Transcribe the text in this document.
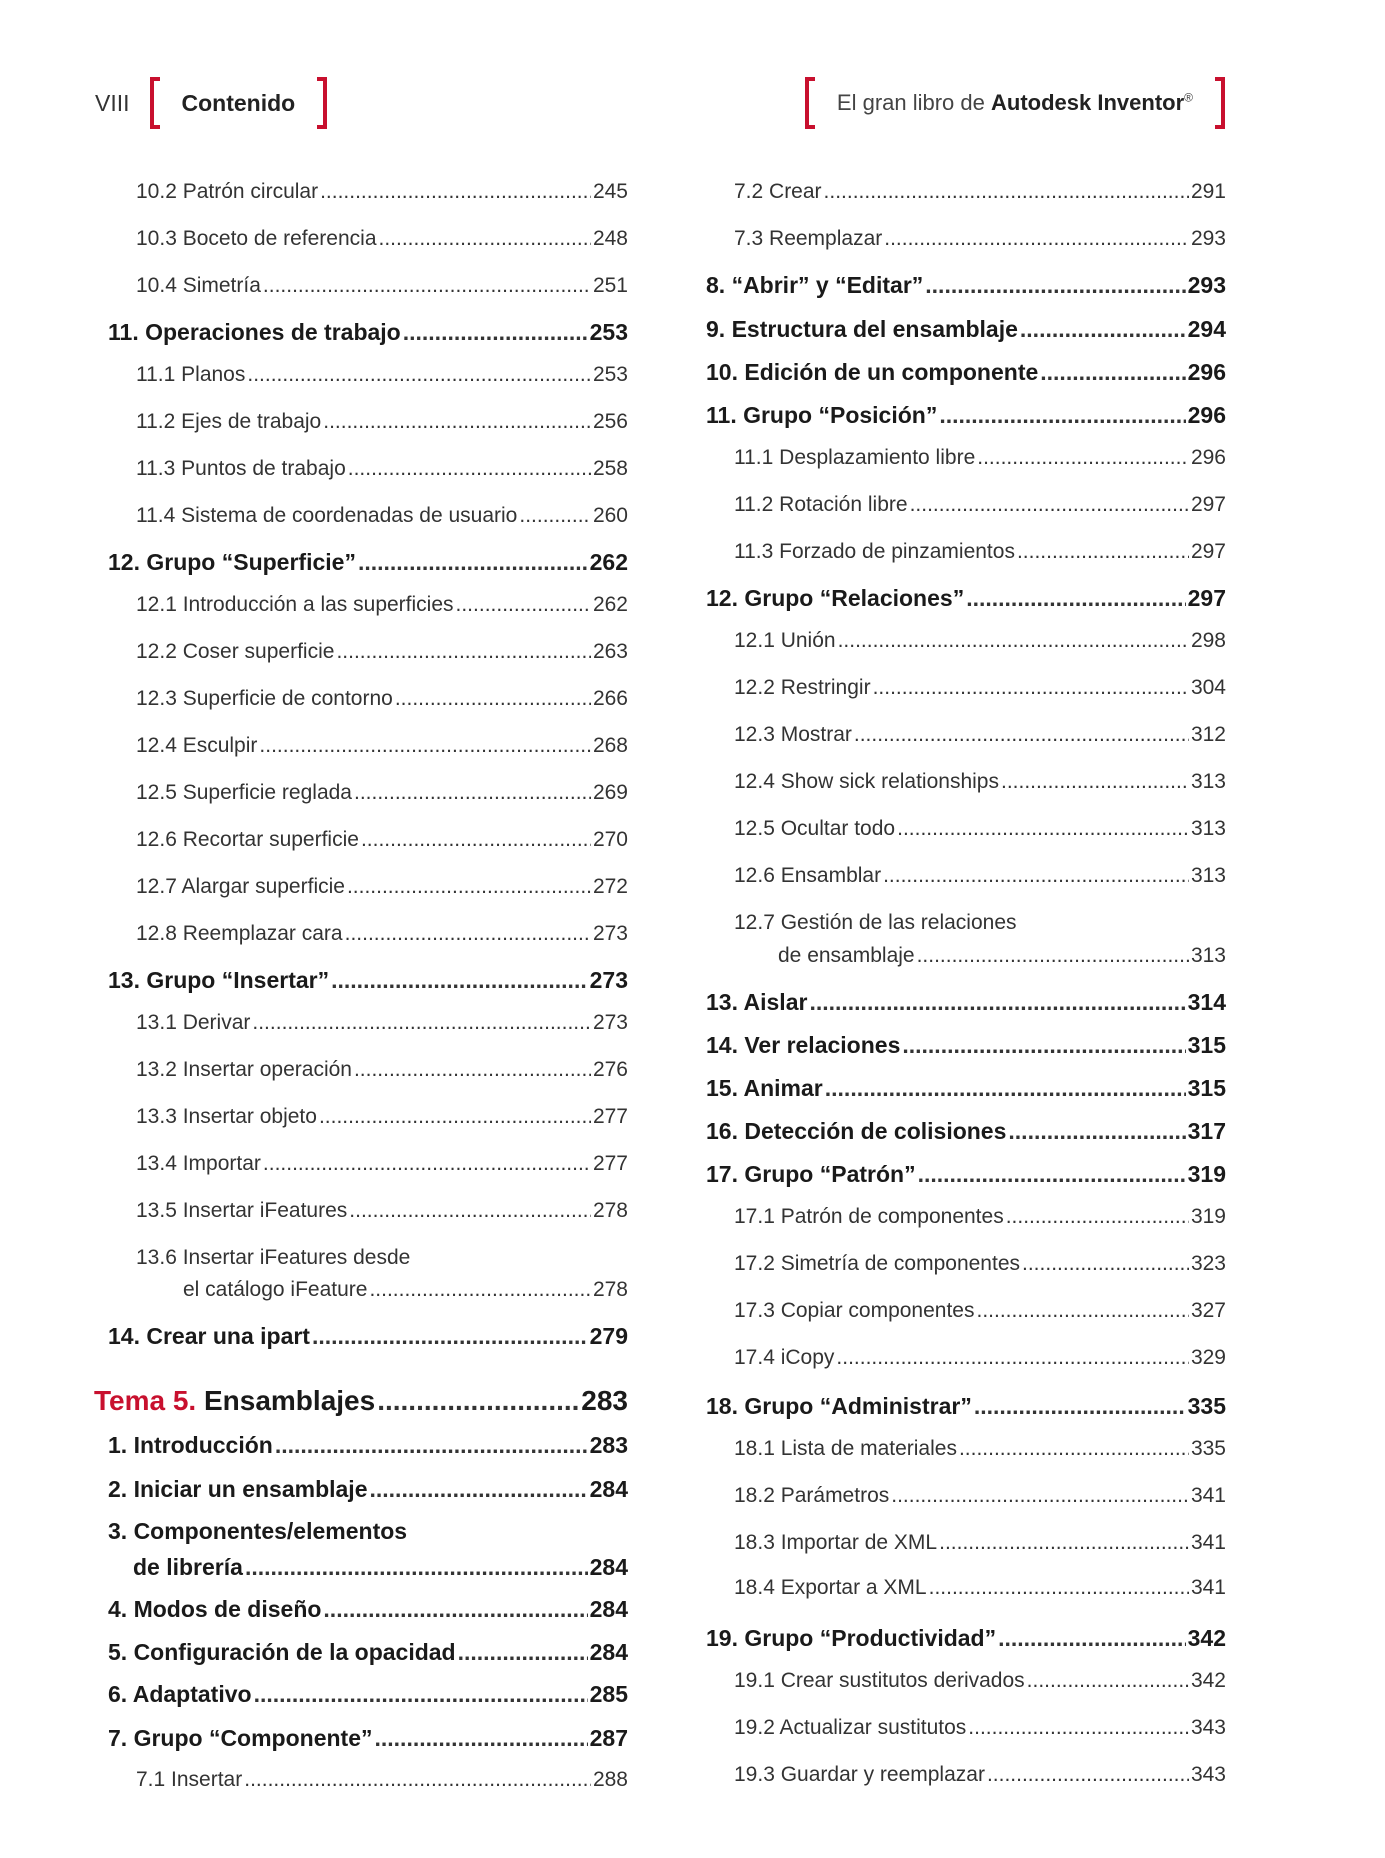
VIII Contenido	El gran libro de Autodesk Inventor®
10.2 Patrón circular .....	245
10.3 Boceto de referencia .....	248
10.4 Simetría .....	251
11. Operaciones de trabajo .....	253
11.1 Planos .....	253
11.2 Ejes de trabajo .....	256
11.3 Puntos de trabajo .....	258
11.4 Sistema de coordenadas de usuario .....	260
12. Grupo “Superficie” .....	262
12.1 Introducción a las superficies .....	262
12.2 Coser superficie .....	263
12.3 Superficie de contorno .....	266
12.4 Esculpir .....	268
12.5 Superficie reglada .....	269
12.6 Recortar superficie .....	270
12.7 Alargar superficie .....	272
12.8 Reemplazar cara .....	273
13. Grupo “Insertar” .....	273
13.1 Derivar .....	273
13.2 Insertar operación .....	276
13.3 Insertar objeto .....	277
13.4 Importar .....	277
13.5 Insertar iFeatures .....	278
13.6 Insertar iFeatures desde
el catálogo iFeature .....	278
14. Crear una ipart .....	279
Tema 5. Ensamblajes .....	283
1. Introducción .....	283
2. Iniciar un ensamblaje .....	284
3. Componentes/elementos
de librería .....	284
4. Modos de diseño .....	284
5. Configuración de la opacidad .....	284
6. Adaptativo .....	285
7. Grupo “Componente” .....	287
7.1 Insertar .....	288
7.2 Crear .....	291
7.3 Reemplazar .....	293
8. “Abrir” y “Editar” .....	293
9. Estructura del ensamblaje .....	294
10. Edición de un componente .....	296
11. Grupo “Posición” .....	296
11.1 Desplazamiento libre .....	296
11.2 Rotación libre .....	297
11.3 Forzado de pinzamientos .....	297
12. Grupo “Relaciones” .....	297
12.1 Unión .....	298
12.2 Restringir .....	304
12.3 Mostrar .....	312
12.4 Show sick relationships .....	313
12.5 Ocultar todo .....	313
12.6 Ensamblar .....	313
12.7 Gestión de las relaciones
de ensamblaje .....	313
13. Aislar .....	314
14. Ver relaciones .....	315
15. Animar .....	315
16. Detección de colisiones .....	317
17. Grupo “Patrón” .....	319
17.1 Patrón de componentes .....	319
17.2 Simetría de componentes .....	323
17.3 Copiar componentes .....	327
17.4 iCopy .....	329
18. Grupo “Administrar” .....	335
18.1 Lista de materiales .....	335
18.2 Parámetros .....	341
18.3 Importar de XML .....	341
18.4 Exportar a XML .....	341
19. Grupo “Productividad” .....	342
19.1 Crear sustitutos derivados .....	342
19.2 Actualizar sustitutos .....	343
19.3 Guardar y reemplazar .....	343
